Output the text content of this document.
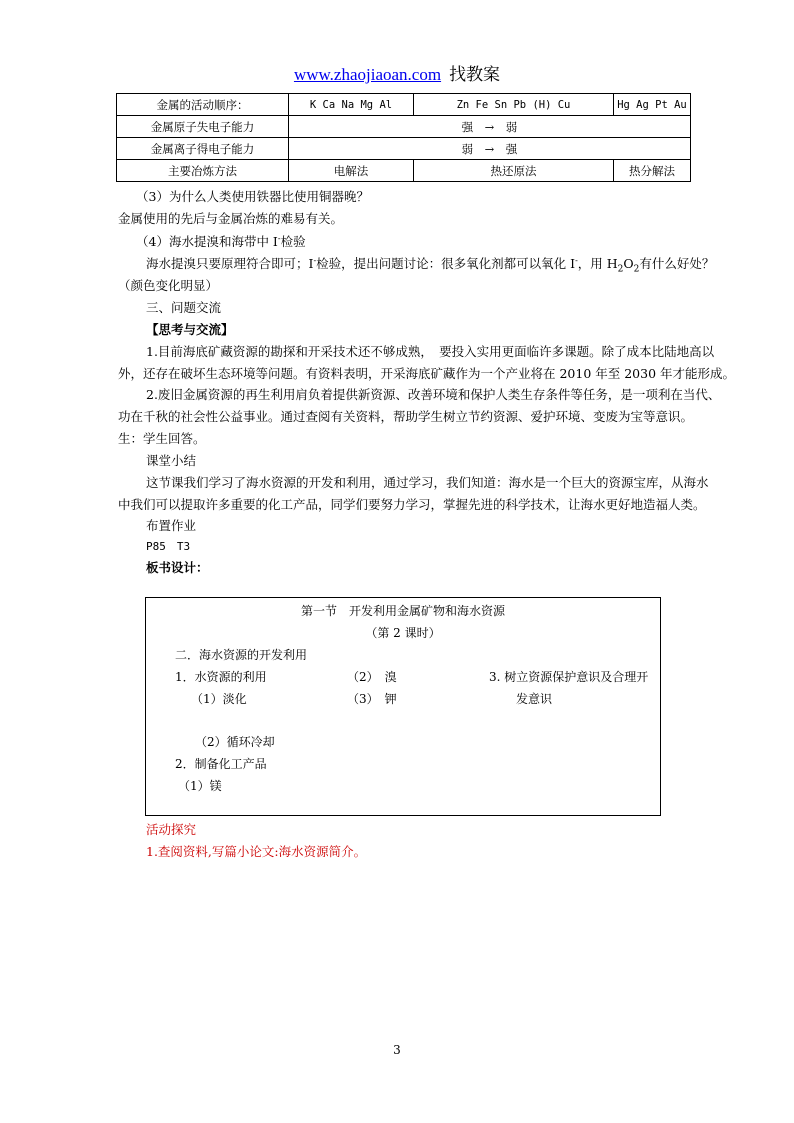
www.zhaojiaoan.com 找教案
金属的活动顺序：	K Ca Na Mg Al	Zn Fe Sn Pb (H) Cu	Hg Ag Pt Au
金属原子失电子能力	强　→　弱		
金属离子得电子能力	弱　→　强		
主要冶炼方法	电解法	热还原法	热分解法
（3）为什么人类使用铁器比使用铜器晚？
金属使用的先后与金属冶炼的难易有关。
（4）海水提溴和海带中 I-检验
海水提溴只要原理符合即可；I-检验，提出问题讨论：很多氧化剂都可以氧化 I-，用 $H_2O_2$有什么好处？
（颜色变化明显）
三、问题交流
【思考与交流】
1.目前海底矿藏资源的勘探和开采技术还不够成熟，　要投入实用更面临许多课题。除了成本比陆地高以
外，还存在破坏生态环境等问题。有资料表明，开采海底矿藏作为一个产业将在 2010 年至 2030 年才能形成。
2.废旧金属资源的再生利用肩负着提供新资源、改善环境和保护人类生存条件等任务，是一项利在当代、
功在千秋的社会性公益事业。通过查阅有关资料，帮助学生树立节约资源、爱护环境、变废为宝等意识。
生：学生回答。
课堂小结
这节课我们学习了海水资源的开发和利用，通过学习，我们知道：海水是一个巨大的资源宝库，从海水
中我们可以提取许多重要的化工产品，同学们要努力学习，掌握先进的科学技术，让海水更好地造福人类。
布置作业
P85　T3
板书设计：
第一节　开发利用金属矿物和海水资源
（第 2 课时）
二．海水资源的开发利用
1．水资源的利用
（1）淡化
（2）　溴
（3）　钾
3. 树立资源保护意识及合理开
发意识
（2）循环冷却
2．制备化工产品
（1）镁
活动探究
1.查阅资料,写篇小论文:海水资源简介。
3
